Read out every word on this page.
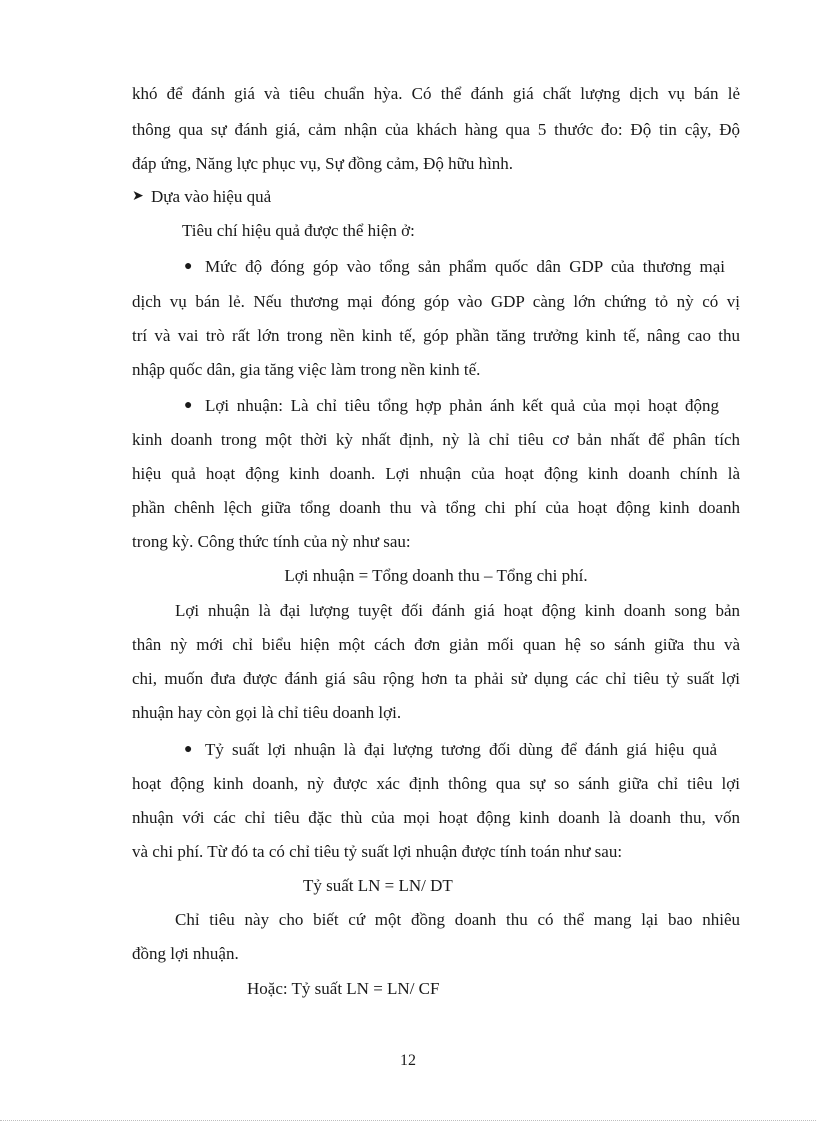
khó để đánh giá và tiêu chuẩn hỳa. Có thể đánh giá chất lượng dịch vụ bán lẻ
thông qua sự đánh giá, cảm nhận của khách hàng qua 5 thước đo: Độ tin cậy, Độ
đáp ứng, Năng lực phục vụ, Sự đồng cảm, Độ hữu hình.
➤ Dựa vào hiệu quả
Tiêu chí hiệu quả được thể hiện ở:
● Mức độ đóng góp vào tổng sản phẩm quốc dân GDP của thương mại
dịch vụ bán lẻ. Nếu thương mại đóng góp vào GDP càng lớn chứng tỏ nỳ có vị
trí và vai trò rất lớn trong nền kinh tế, góp phần tăng trưởng kinh tế, nâng cao thu
nhập quốc dân, gia tăng việc làm trong nền kinh tế.
● Lợi nhuận: Là chỉ tiêu tổng hợp phản ánh kết quả của mọi hoạt động
kinh doanh trong một thời kỳ nhất định, nỳ là chỉ tiêu cơ bản nhất để phân tích
hiệu quả hoạt động kinh doanh. Lợi nhuận của hoạt động kinh doanh chính là
phần chênh lệch giữa tổng doanh thu và tổng chi phí của hoạt động kinh doanh
trong kỳ. Công thức tính của nỳ như sau:
Lợi nhuận = Tổng doanh thu – Tổng chi phí.
Lợi nhuận là đại lượng tuyệt đối đánh giá hoạt động kinh doanh song bản
thân nỳ mới chỉ biểu hiện một cách đơn giản mối quan hệ so sánh giữa thu và
chi, muốn đưa được đánh giá sâu rộng hơn ta phải sử dụng các chỉ tiêu tỷ suất lợi
nhuận hay còn gọi là chỉ tiêu doanh lợi.
● Tỷ suất lợi nhuận là đại lượng tương đối dùng để đánh giá hiệu quả
hoạt động kinh doanh, nỳ được xác định thông qua sự so sánh giữa chỉ tiêu lợi
nhuận với các chỉ tiêu đặc thù của mọi hoạt động kinh doanh là doanh thu, vốn
và chi phí. Từ đó ta có chỉ tiêu tỷ suất lợi nhuận được tính toán như sau:
Tỷ suất LN = LN/ DT
Chỉ tiêu này cho biết cứ một đồng doanh thu có thể mang lại bao nhiêu
đồng lợi nhuận.
Hoặc: Tỷ suất LN = LN/ CF
12
